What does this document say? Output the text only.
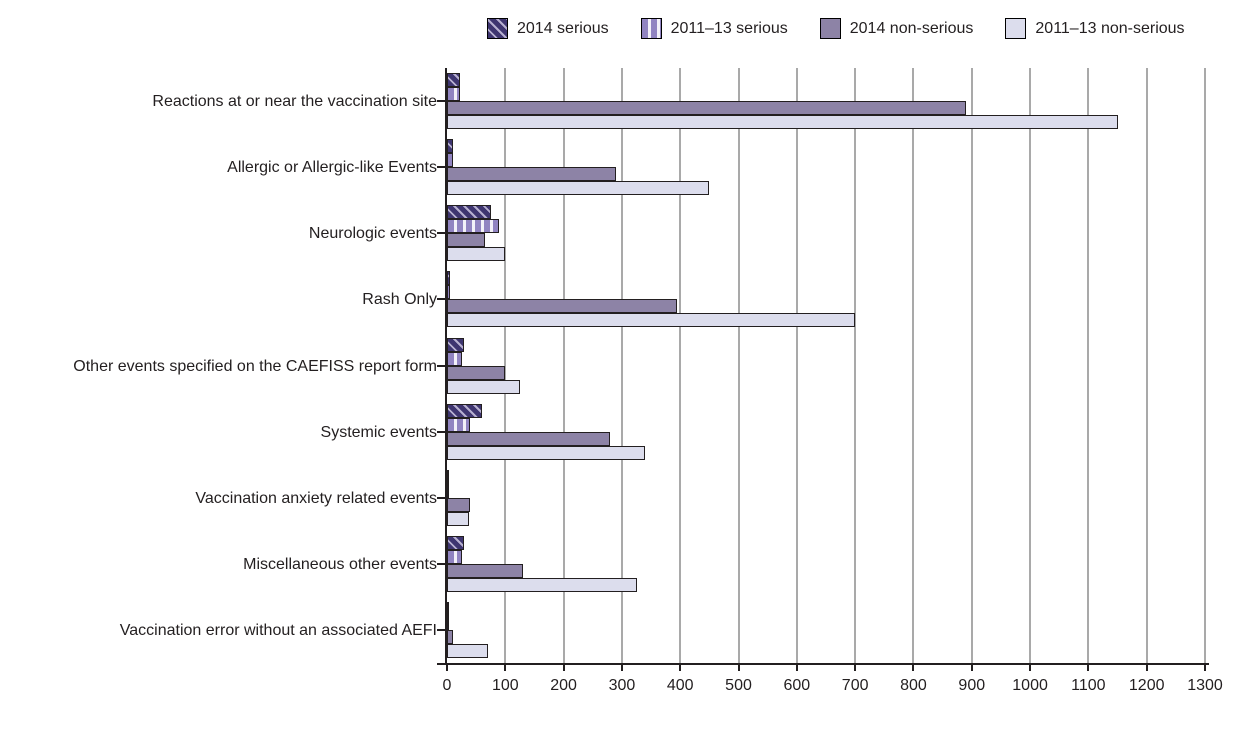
2014 serious	2011–13 serious	2014 non-serious	2011–13 non-serious
0	100 200 300 400 500 600 700 800 900 1000 1100 1200 1300
Reactions at or near the vaccination site
Allergic or Allergic-like Events
Neurologic events
Rash Only
Other events specified on the CAEFISS report form
Systemic events
Vaccination anxiety related events
Miscellaneous other events
Vaccination error without an associated AEFI
